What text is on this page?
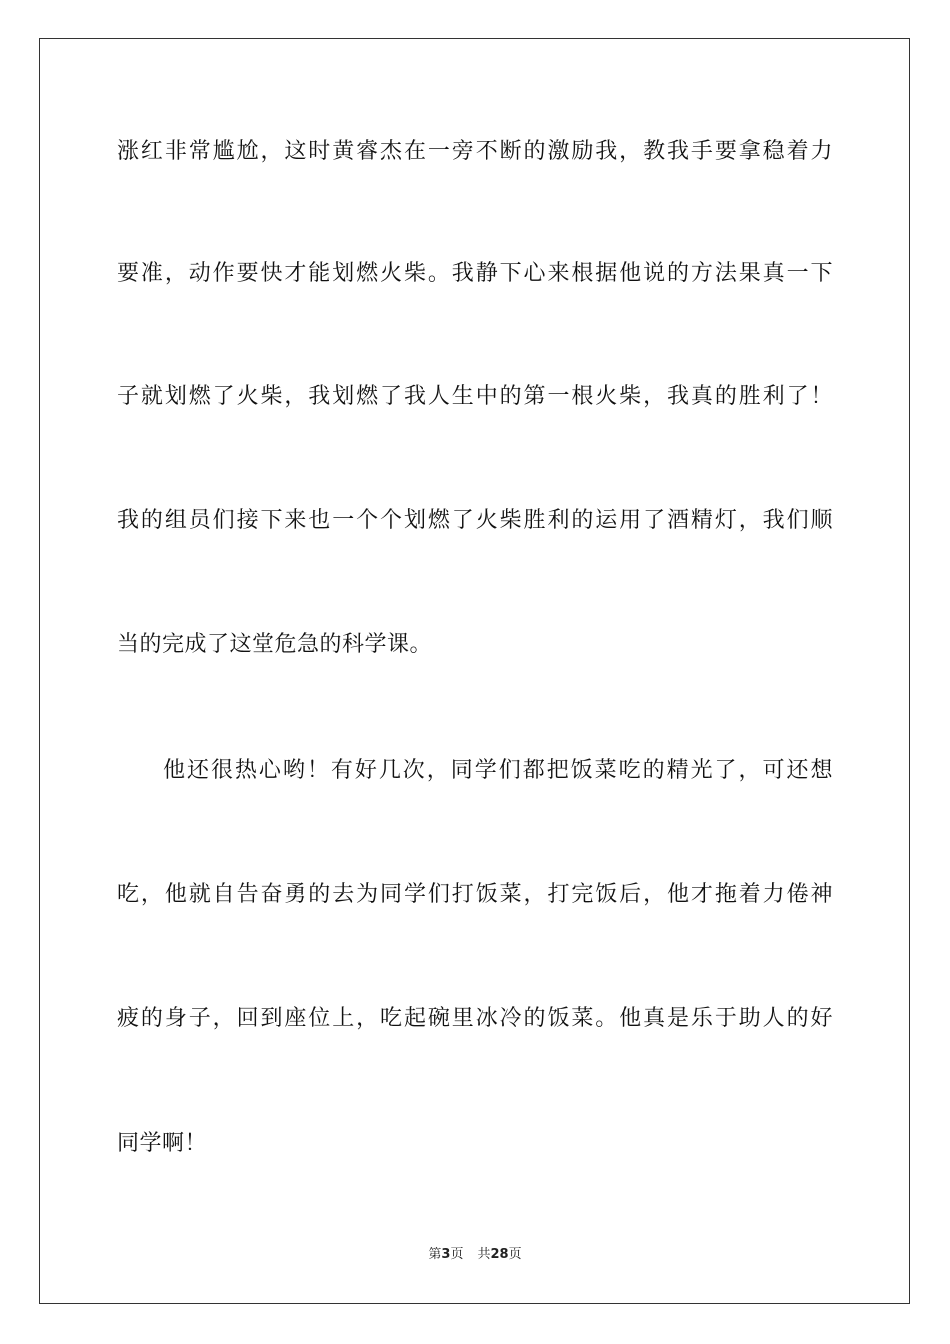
涨红非常尴尬，这时黄睿杰在一旁不断的激励我，教我手要拿稳着力
要准，动作要快才能划燃火柴。我静下心来根据他说的方法果真一下
子就划燃了火柴，我划燃了我人生中的第一根火柴，我真的胜利了！
我的组员们接下来也一个个划燃了火柴胜利的运用了酒精灯，我们顺
当的完成了这堂危急的科学课。
他还很热心哟！有好几次，同学们都把饭菜吃的精光了，可还想
吃，他就自告奋勇的去为同学们打饭菜，打完饭后，他才拖着力倦神
疲的身子，回到座位上，吃起碗里冰冷的饭菜。他真是乐于助人的好
同学啊！
第3页 共28页
